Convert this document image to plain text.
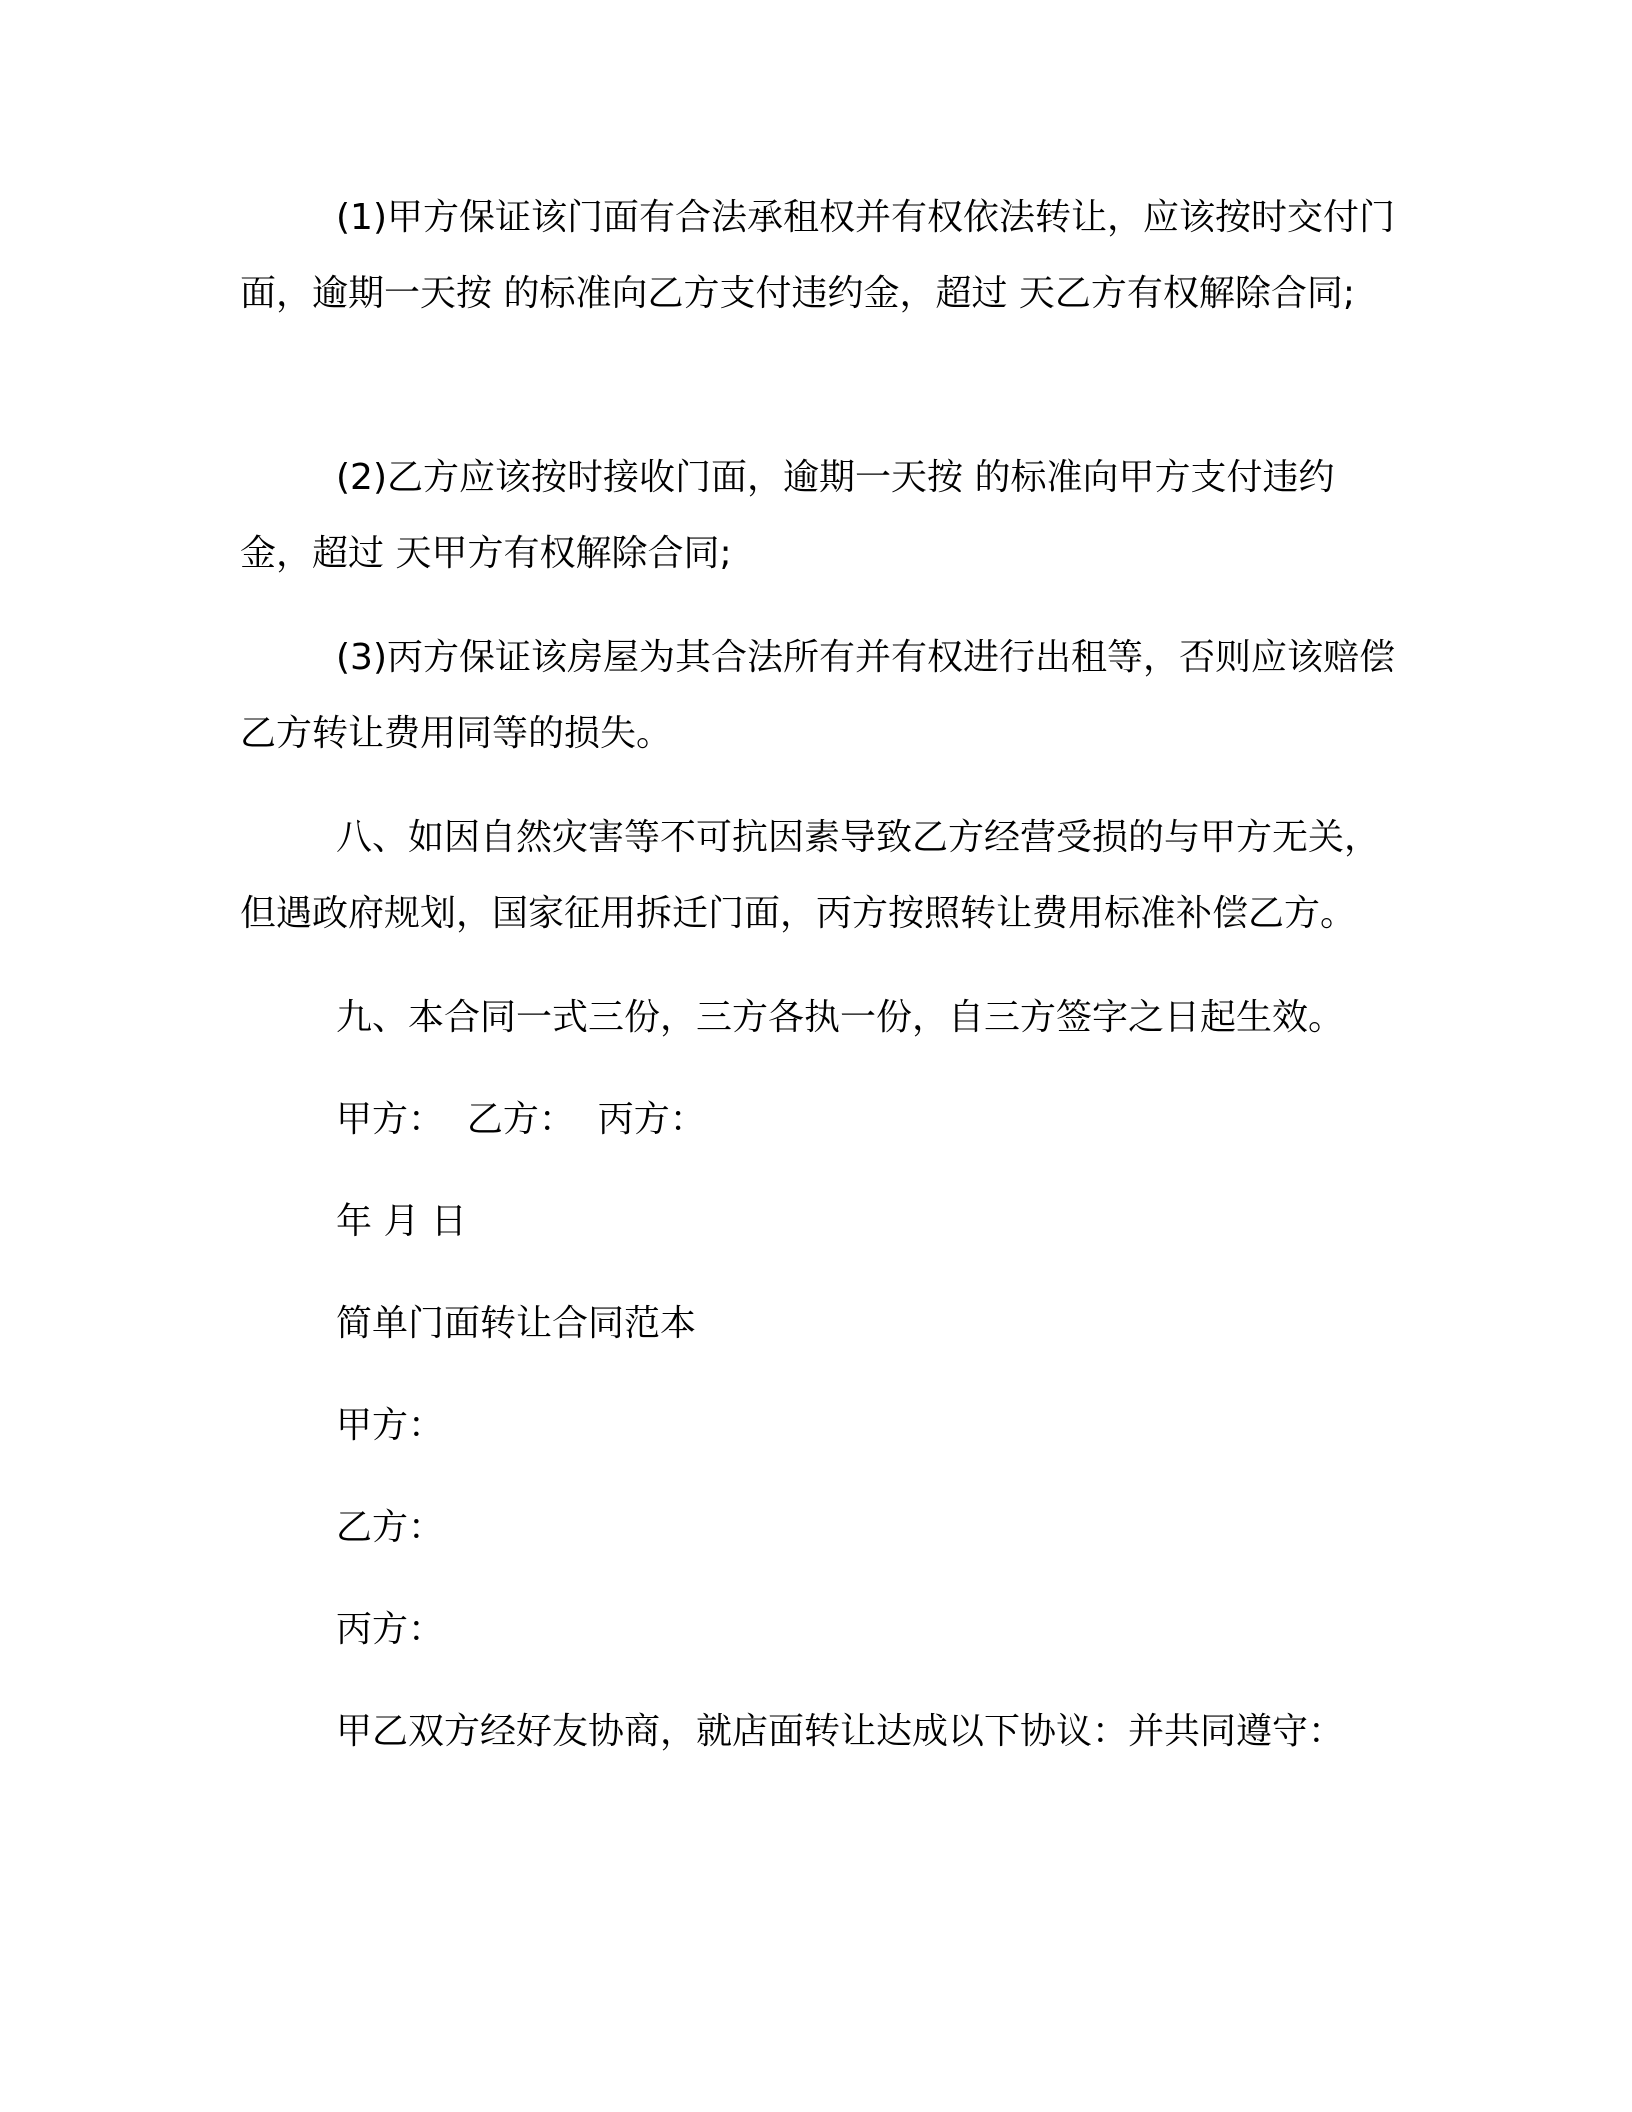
(1)甲方保证该门面有合法承租权并有权依法转让，应该按时交付门面，逾期一天按 的标准向乙方支付违约金，超过 天乙方有权解除合同;
(2)乙方应该按时接收门面，逾期一天按 的标准向甲方支付违约金，超过 天甲方有权解除合同;
(3)丙方保证该房屋为其合法所有并有权进行出租等，否则应该赔偿乙方转让费用同等的损失。
八、如因自然灾害等不可抗因素导致乙方经营受损的与甲方无关，但遇政府规划，国家征用拆迁门面，丙方按照转让费用标准补偿乙方。
九、本合同一式三份，三方各执一份，自三方签字之日起生效。
甲方：  乙方：  丙方：
年 月 日
简单门面转让合同范本
甲方：
乙方：
丙方：
甲乙双方经好友协商，就店面转让达成以下协议：并共同遵守：
